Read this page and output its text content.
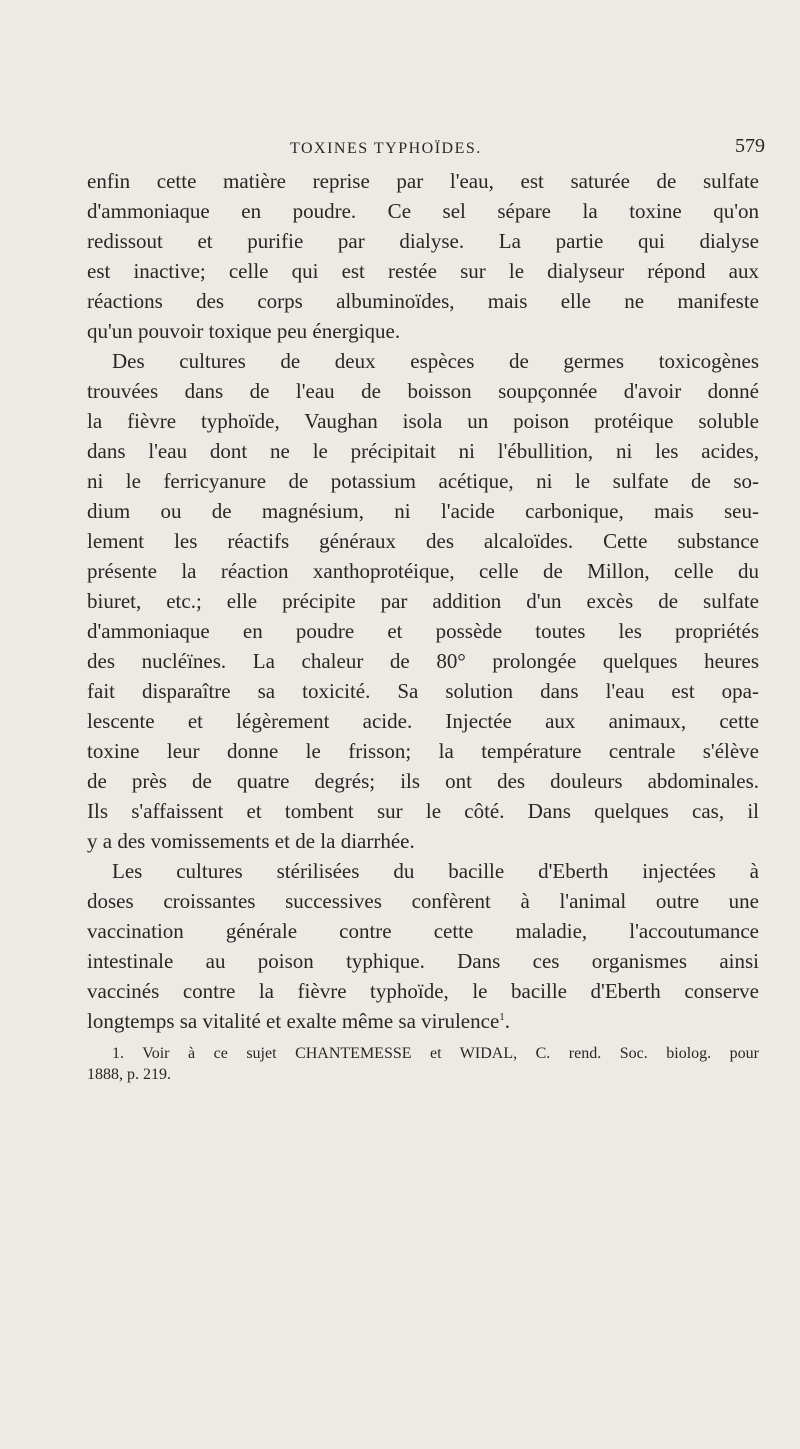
TOXINES TYPHOÏDES.	579
enfin cette matière reprise par l'eau, est saturée de sulfate
d'ammoniaque en poudre. Ce sel sépare la toxine qu'on
redissout et purifie par dialyse. La partie qui dialyse
est inactive; celle qui est restée sur le dialyseur répond aux
réactions des corps albuminoïdes, mais elle ne manifeste
qu'un pouvoir toxique peu énergique.
Des cultures de deux espèces de germes toxicogènes
trouvées dans de l'eau de boisson soupçonnée d'avoir donné
la fièvre typhoïde, Vaughan isola un poison protéique soluble
dans l'eau dont ne le précipitait ni l'ébullition, ni les acides,
ni le ferricyanure de potassium acétique, ni le sulfate de so-
dium ou de magnésium, ni l'acide carbonique, mais seu-
lement les réactifs généraux des alcaloïdes. Cette substance
présente la réaction xanthoprotéique, celle de Millon, celle du
biuret, etc.; elle précipite par addition d'un excès de sulfate
d'ammoniaque en poudre et possède toutes les propriétés
des nucléïnes. La chaleur de 80° prolongée quelques heures
fait disparaître sa toxicité. Sa solution dans l'eau est opa-
lescente et légèrement acide. Injectée aux animaux, cette
toxine leur donne le frisson; la température centrale s'élève
de près de quatre degrés; ils ont des douleurs abdominales.
Ils s'affaissent et tombent sur le côté. Dans quelques cas, il
y a des vomissements et de la diarrhée.
Les cultures stérilisées du bacille d'Eberth injectées à
doses croissantes successives confèrent à l'animal outre une
vaccination générale contre cette maladie, l'accoutumance
intestinale au poison typhique. Dans ces organismes ainsi
vaccinés contre la fièvre typhoïde, le bacille d'Eberth conserve
longtemps sa vitalité et exalte même sa virulence$^1$.
1. Voir à ce sujet CHANTEMESSE et WIDAL, C. rend. Soc. biolog. pour
1888, p. 219.
